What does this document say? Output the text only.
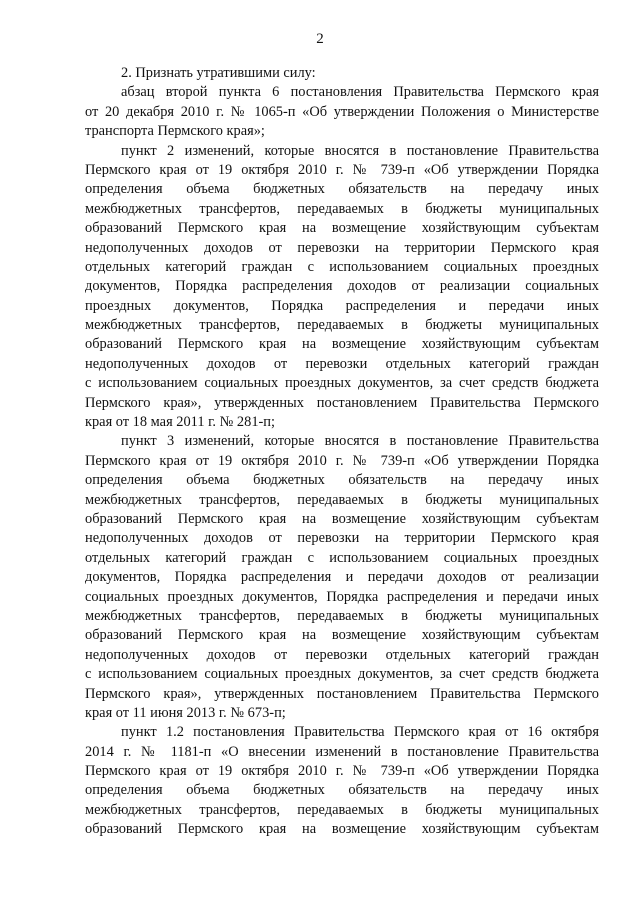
2
2. Признать утратившими силу:
абзац второй пункта 6 постановления Правительства Пермского края
от 20 декабря 2010 г. № 1065-п «Об утверждении Положения о Министерстве
транспорта Пермского края»;
пункт 2 изменений, которые вносятся в постановление Правительства
Пермского края от 19 октября 2010 г. № 739-п «Об утверждении Порядка
определения объема бюджетных обязательств на передачу иных
межбюджетных трансфертов, передаваемых в бюджеты муниципальных
образований Пермского края на возмещение хозяйствующим субъектам
недополученных доходов от перевозки на территории Пермского края
отдельных категорий граждан с использованием социальных проездных
документов, Порядка распределения доходов от реализации социальных
проездных документов, Порядка распределения и передачи иных
межбюджетных трансфертов, передаваемых в бюджеты муниципальных
образований Пермского края на возмещение хозяйствующим субъектам
недополученных доходов от перевозки отдельных категорий граждан
с использованием социальных проездных документов, за счет средств бюджета
Пермского края», утвержденных постановлением Правительства Пермского
края от 18 мая 2011 г. № 281-п;
пункт 3 изменений, которые вносятся в постановление Правительства
Пермского края от 19 октября 2010 г. № 739-п «Об утверждении Порядка
определения объема бюджетных обязательств на передачу иных
межбюджетных трансфертов, передаваемых в бюджеты муниципальных
образований Пермского края на возмещение хозяйствующим субъектам
недополученных доходов от перевозки на территории Пермского края
отдельных категорий граждан с использованием социальных проездных
документов, Порядка распределения и передачи доходов от реализации
социальных проездных документов, Порядка распределения и передачи иных
межбюджетных трансфертов, передаваемых в бюджеты муниципальных
образований Пермского края на возмещение хозяйствующим субъектам
недополученных доходов от перевозки отдельных категорий граждан
с использованием социальных проездных документов, за счет средств бюджета
Пермского края», утвержденных постановлением Правительства Пермского
края от 11 июня 2013 г. № 673-п;
пункт 1.2 постановления Правительства Пермского края от 16 октября
2014 г. № 1181-п «О внесении изменений в постановление Правительства
Пермского края от 19 октября 2010 г. № 739-п «Об утверждении Порядка
определения объема бюджетных обязательств на передачу иных
межбюджетных трансфертов, передаваемых в бюджеты муниципальных
образований Пермского края на возмещение хозяйствующим субъектам
